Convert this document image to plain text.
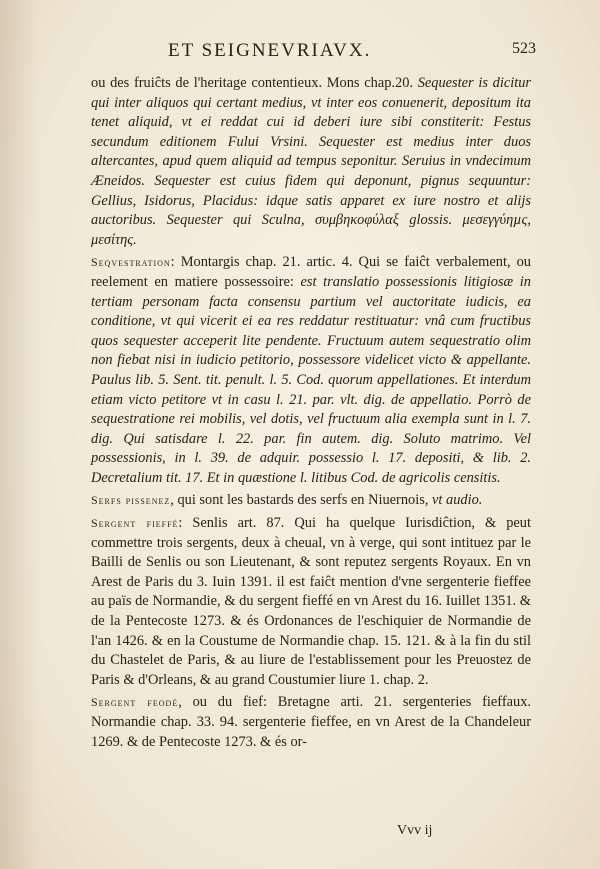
ET SEIGNEVRIAVX.	523

ou des fruiĉts de l'heritage contentieux. Mons chap.20. Sequester is dicitur qui inter aliquos qui certant medius, vt inter eos conuenerit, depositum ita tenet aliquid, vt ei reddat cui id deberi iure sibi constiterit: Festus secundum editionem Fului Vrsini. Sequester est medius inter duos altercantes, apud quem aliquid ad tempus seponitur. Seruius in vndecimum Æneidos. Sequester est cuius fidem qui deponunt, pignus sequuntur: Gellius, Isidorus, Placidus: idque satis apparet ex iure nostro et alijs auctoribus. Sequester qui Sculna, συμβηκοφύλαξ glossis. μεσεγγύηµς, μεσίτης.

Seqvestration: Montargis chap. 21. artic. 4. Qui se faiĉt verbalement, ou reelement en matiere possessoire: est translatio possessionis litigiosæ in tertiam personam facta consensu partium vel auctoritate iudicis, ea conditione, vt qui vicerit ei ea res reddatur restituatur: vnâ cum fructibus quos sequester acceperit lite pendente. Fructuum autem sequestratio olim non fiebat nisi in iudicio petitorio, possessore videlicet victo & appellante. Paulus lib. 5. Sent. tit. penult. l. 5. Cod. quorum appellationes. Et interdum etiam victo petitore vt in casu l. 21. par. vlt. dig. de appellatio. Porrò de sequestratione rei mobilis, vel dotis, vel fructuum alia exempla sunt in l. 7. dig. Qui satisdare l. 22. par. fin autem. dig. Soluto matrimo. Vel possessionis, in l. 39. de adquir. possessio l. 17. depositi, & lib. 2. Decretalium tit. 17. Et in quæstione l. litibus Cod. de agricolis censitis.

Serfs pissenez, qui sont les bastards des serfs en Niuernois, vt audio.

Sergent fieffé: Senlis art. 87. Qui ha quelque Iurisdiĉtion, & peut commettre trois sergents, deux à cheual, vn à verge, qui sont intituez par le Bailli de Senlis ou son Lieutenant, & sont reputez sergents Royaux. En vn Arest de Paris du 3. Iuin 1391. il est faiĉt mention d'vne sergenterie fieffee au païs de Normandie, & du sergent fieffé en vn Arest du 16. Iuillet 1351. & de la Pentecoste 1273. & és Ordonances de l'eschiquier de Normandie de l'an 1426. & en la Coustume de Normandie chap. 15. 121. & à la fin du stil du Chastelet de Paris, & au liure de l'establissement pour les Preuostez de Paris & d'Orleans, & au grand Coustumier liure 1. chap. 2.

Sergent feodé, ou du fief: Bretagne arti. 21. sergenteries fieffaux. Normandie chap. 33. 94. sergenterie fieffee, en vn Arest de la Chandeleur 1269. & de Pentecoste 1273. & és or-

Vvv ij
